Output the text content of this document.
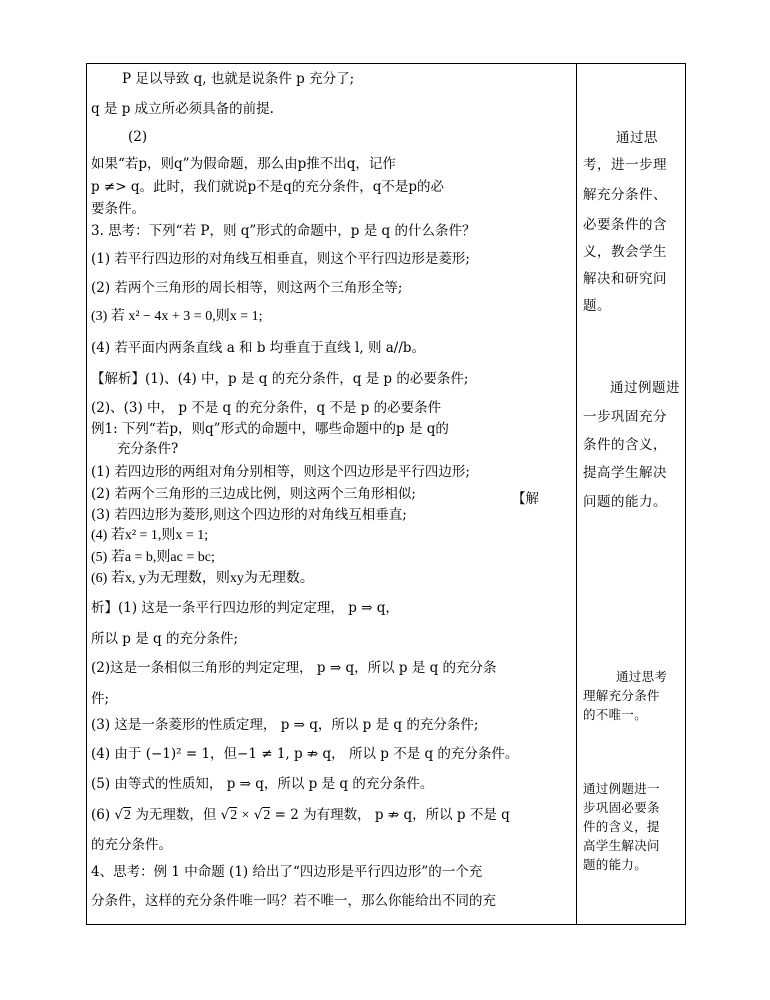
P 足以导致 q, 也就是说条件 p 充分了;
q 是 p 成立所必须具备的前提.
(2)
如果“若p，则q”为假命题，那么由p推不出q，记作
p ≠> q。此时，我们就说p不是q的充分条件，q不是p的必
要条件。
3. 思考：下列“若 P，则 q”形式的命题中，p 是 q 的什么条件？
(1) 若平行四边形的对角线互相垂直，则这个平行四边形是菱形;
(2) 若两个三角形的周长相等，则这两个三角形全等;
(3) 若 x² − 4x + 3 = 0,则x = 1;
(4) 若平面内两条直线 a 和 b 均垂直于直线 l, 则 a//b。
【解析】(1)、(4) 中，p 是 q 的充分条件，q 是 p 的必要条件;
(2)、(3) 中， p 不是 q 的充分条件，q 不是 p 的必要条件
例1: 下列“若p，则q”形式的命题中，哪些命题中的p 是 q的
充分条件?
(1) 若四边形的两组对角分别相等，则这个四边形是平行四边形;
(2) 若两个三角形的三边成比例，则这两个三角形相似;	【解
(3) 若四边形为菱形,则这个四边形的对角线互相垂直;
(4) 若x² = 1,则x = 1;
(5) 若a = b,则ac = bc;
(6) 若x, y为无理数，则xy为无理数。
析】(1) 这是一条平行四边形的判定定理， p ⇒ q，
所以 p 是 q 的充分条件;
(2)这是一条相似三角形的判定定理， p ⇒ q，所以 p 是 q 的充分条
件;
(3) 这是一条菱形的性质定理， p ⇒ q，所以 p 是 q 的充分条件;
(4) 由于 (−1)² = 1，但−1 ≠ 1, p ⇏ q， 所以 p 不是 q 的充分条件。
(5) 由等式的性质知， p ⇒ q，所以 p 是 q 的充分条件。
(6) √2 为无理数，但 √2 × √2 = 2 为有理数， p ⇏ q，所以 p 不是 q
的充分条件。
4、思考：例 1 中命题 (1) 给出了“四边形是平行四边形”的一个充
分条件，这样的充分条件唯一吗？若不唯一，那么你能给出不同的充
通过思
考，进一步理
解充分条件、
必要条件的含
义，教会学生
解决和研究问
题。
通过例题进
一步巩固充分
条件的含义，
提高学生解决
问题的能力。
通过思考
理解充分条件
的不唯一。
通过例题进一
步巩固必要条
件的含义，提
高学生解决问
题的能力。
